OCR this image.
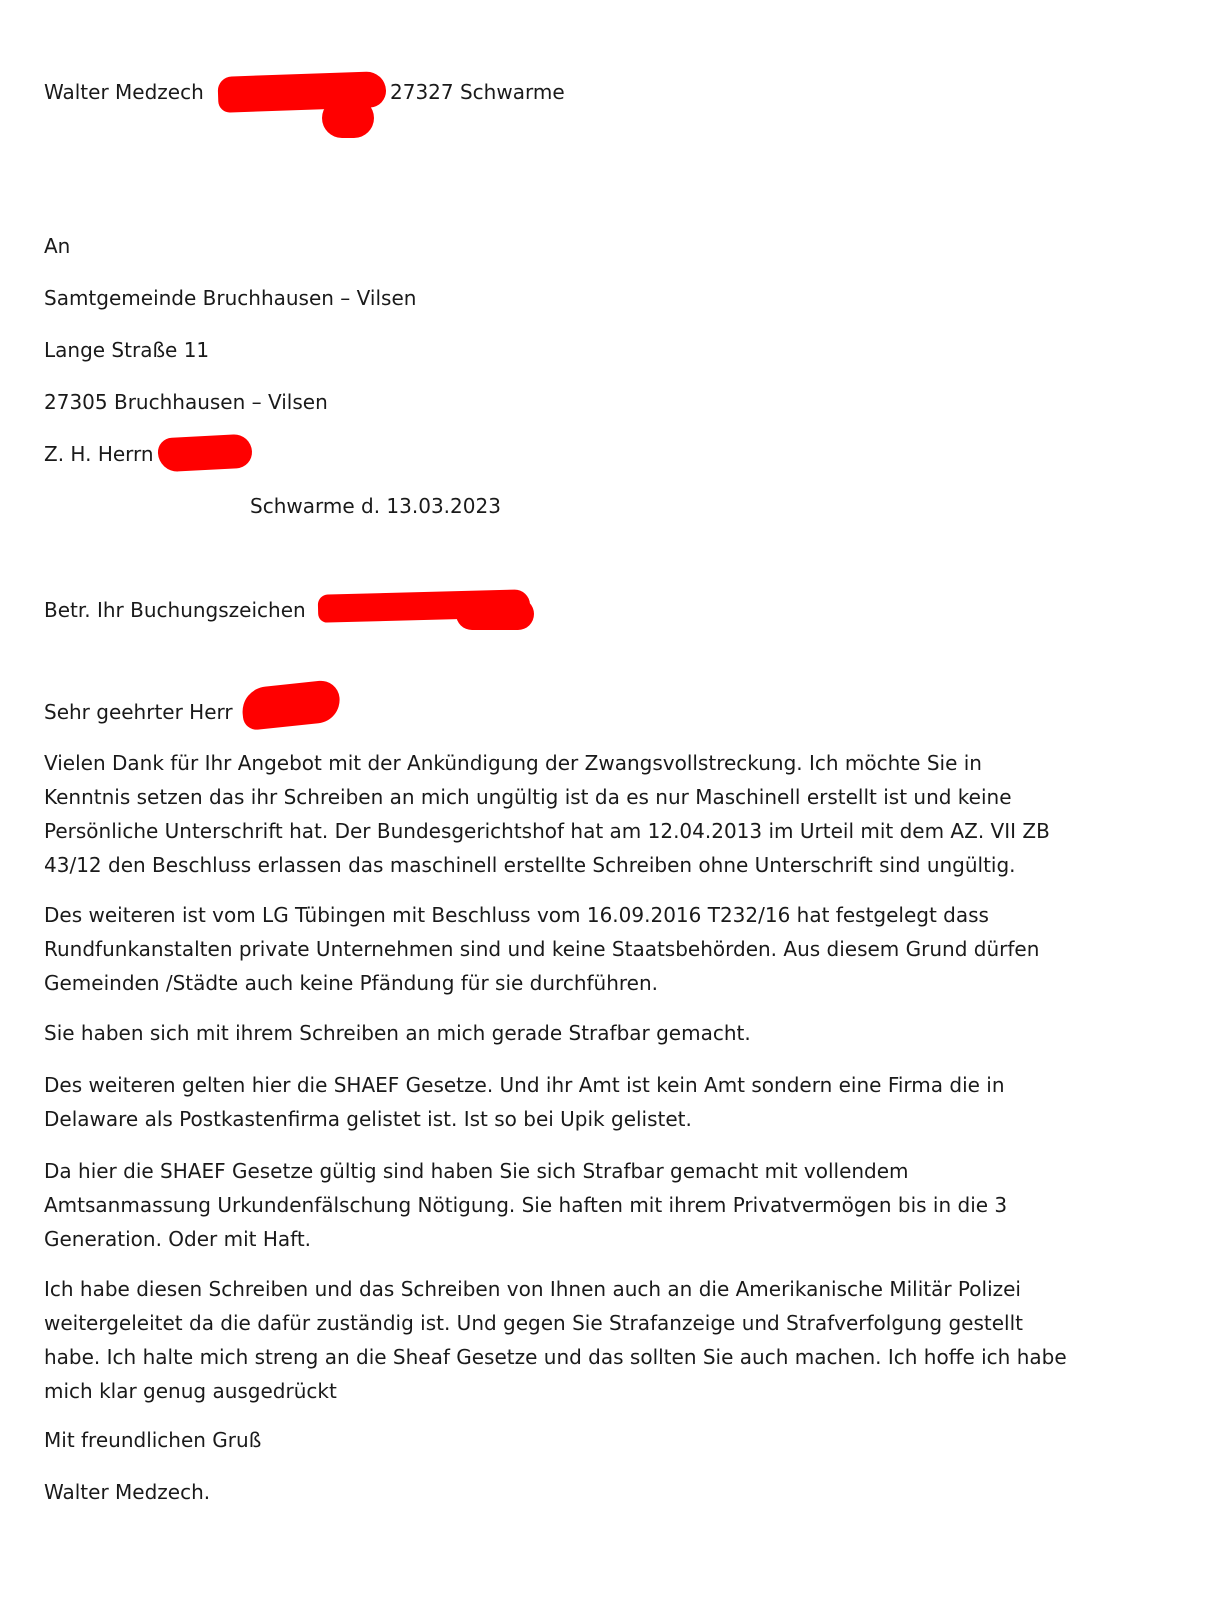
Walter Medzech	27327 Schwarme
An
Samtgemeinde Bruchhausen – Vilsen
Lange Straße 11
27305 Bruchhausen – Vilsen
Z. H. Herrn
Schwarme d. 13.03.2023
Betr. Ihr Buchungszeichen
Sehr geehrter Herr
Vielen Dank für Ihr Angebot mit der Ankündigung der Zwangsvollstreckung. Ich möchte Sie in
Kenntnis setzen das ihr Schreiben an mich ungültig ist da es nur Maschinell erstellt ist und keine
Persönliche Unterschrift hat. Der Bundesgerichtshof hat am 12.04.2013 im Urteil mit dem AZ. VII ZB
43/12 den Beschluss erlassen das maschinell erstellte Schreiben ohne Unterschrift sind ungültig.
Des weiteren ist vom LG Tübingen mit Beschluss vom 16.09.2016 T232/16 hat festgelegt dass
Rundfunkanstalten private Unternehmen sind und keine Staatsbehörden. Aus diesem Grund dürfen
Gemeinden /Städte auch keine Pfändung für sie durchführen.
Sie haben sich mit ihrem Schreiben an mich gerade Strafbar gemacht.
Des weiteren gelten hier die SHAEF Gesetze. Und ihr Amt ist kein Amt sondern eine Firma die in
Delaware als Postkastenfirma gelistet ist. Ist so bei Upik gelistet.
Da hier die SHAEF Gesetze gültig sind haben Sie sich Strafbar gemacht mit vollendem
Amtsanmassung Urkundenfälschung Nötigung. Sie haften mit ihrem Privatvermögen bis in die 3
Generation. Oder mit Haft.
Ich habe diesen Schreiben und das Schreiben von Ihnen auch an die Amerikanische Militär Polizei
weitergeleitet da die dafür zuständig ist. Und gegen Sie Strafanzeige und Strafverfolgung gestellt
habe. Ich halte mich streng an die Sheaf Gesetze und das sollten Sie auch machen. Ich hoffe ich habe
mich klar genug ausgedrückt
Mit freundlichen Gruß
Walter Medzech.
